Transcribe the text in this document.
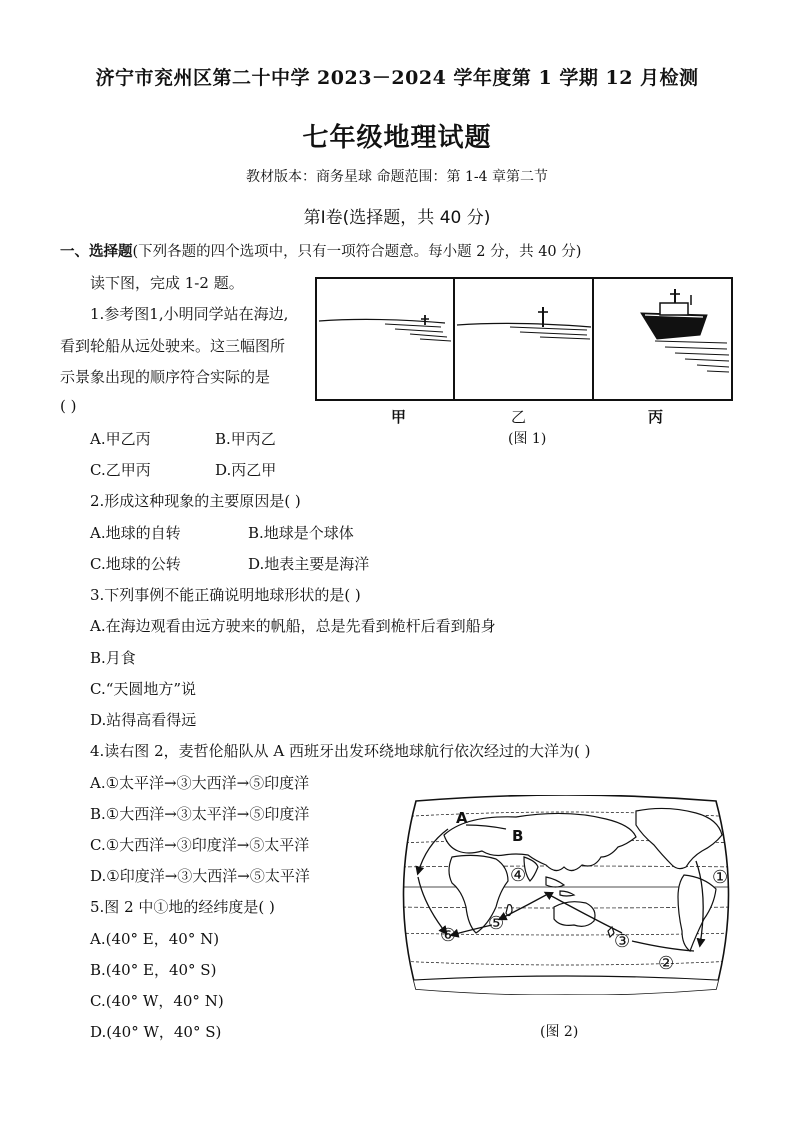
济宁市兖州区第二十中学 2023－2024 学年度第 1 学期 12 月检测
七年级地理试题
教材版本：商务星球 命题范围：第 1-4 章第二节
第Ⅰ卷(选择题，共 40 分)
一、选择题(下列各题的四个选项中，只有一项符合题意。每小题 2 分，共 40 分)
读下图，完成 1-2 题。
1.参考图1,小明同学站在海边,
看到轮船从远处驶来。这三幅图所
示景象出现的顺序符合实际的是
( )
A.甲乙丙	B.甲丙乙
C.乙甲丙	D.丙乙甲
甲	乙	丙
(图 1)
2.形成这种现象的主要原因是( )
A.地球的自转	B.地球是个球体
C.地球的公转	D.地表主要是海洋
3.下列事例不能正确说明地球形状的是( )
A.在海边观看由远方驶来的帆船，总是先看到桅杆后看到船身
B.月食
C.“天圆地方”说
D.站得高看得远
4.读右图 2，麦哲伦船队从 A 西班牙出发环绕地球航行依次经过的大洋为( )
A.①太平洋→③大西洋→⑤印度洋
B.①大西洋→③太平洋→⑤印度洋
C.①大西洋→③印度洋→⑤太平洋
D.①印度洋→③大西洋→⑤太平洋
5.图 2 中①地的经纬度是( )
A.(40° E，40° N)
B.(40° E，40° S)
C.(40° W，40° N)
D.(40° W，40° S)
A
B
①
②
③
④
⑤
⑥
(图 2)
